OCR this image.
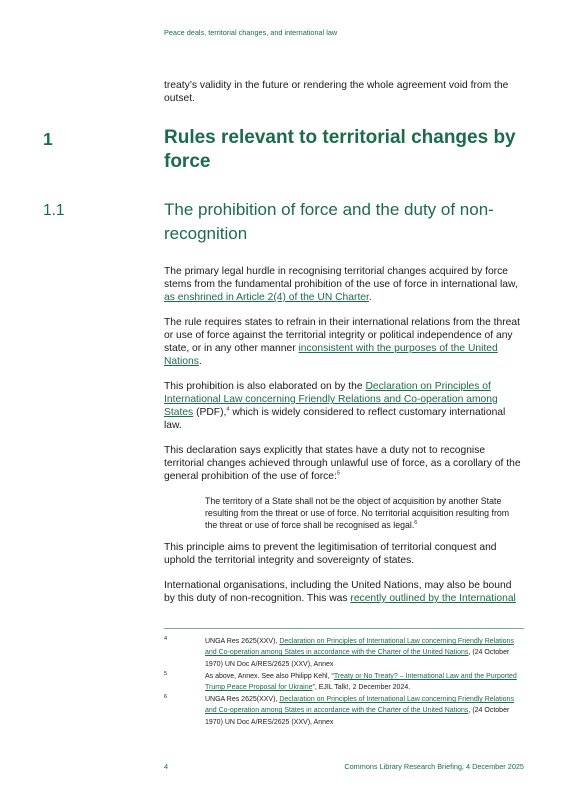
Peace deals, territorial changes, and international law

treaty’s validity in the future or rendering the whole agreement void from the outset.

1	Rules relevant to territorial changes by force
1.1	The prohibition of force and the duty of non-recognition

The primary legal hurdle in recognising territorial changes acquired by force stems from the fundamental prohibition of the use of force in international law, as enshrined in Article 2(4) of the UN Charter.

The rule requires states to refrain in their international relations from the threat or use of force against the territorial integrity or political independence of any state, or in any other manner inconsistent with the purposes of the United Nations.

This prohibition is also elaborated on by the Declaration on Principles of International Law concerning Friendly Relations and Co-operation among States (PDF),$^4$ which is widely considered to reflect customary international law.

This declaration says explicitly that states have a duty not to recognise territorial changes achieved through unlawful use of force, as a corollary of the general prohibition of the use of force:$^5$

The territory of a State shall not be the object of acquisition by another State resulting from the threat or use of force. No territorial acquisition resulting from the threat or use of force shall be recognised as legal.$^6$

This principle aims to prevent the legitimisation of territorial conquest and uphold the territorial integrity and sovereignty of states.

International organisations, including the United Nations, may also be bound by this duty of non-recognition. This was recently outlined by the International

4	UNGA Res 2625(XXV), Declaration on Principles of International Law concerning Friendly Relations and Co-operation among States in accordance with the Charter of the United Nations, (24 October 1970) UN Doc A/RES/2625 (XXV), Annex
5	As above, Annex. See also Philipp Kehl, “Treaty or No Treaty? – International Law and the Purported Trump Peace Proposal for Ukraine”, EJIL Talk!, 2 December 2024.
6	UNGA Res 2625(XXV), Declaration on Principles of International Law concerning Friendly Relations and Co-operation among States in accordance with the Charter of the United Nations, (24 October 1970) UN Doc A/RES/2625 (XXV), Annex
4	Commons Library Research Briefing, 4 December 2025
